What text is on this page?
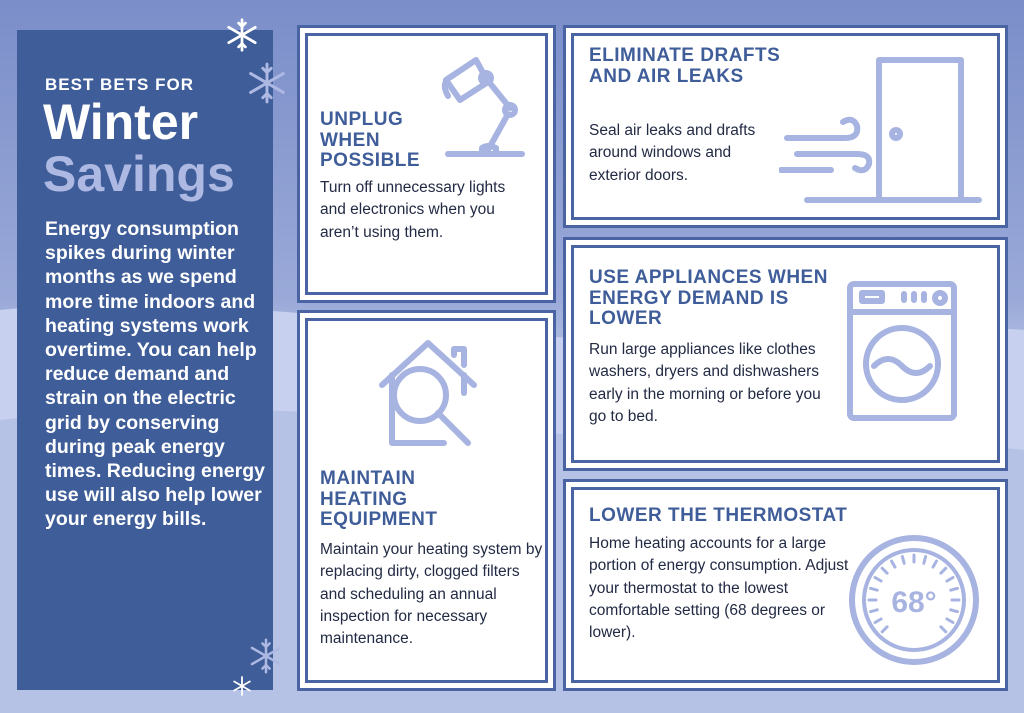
BEST BETS FOR
Winter
Savings
Energy consumption spikes during winter months as we spend more time indoors and heating systems work overtime. You can help reduce demand and strain on the electric grid by conserving during peak energy times. Reducing energy use will also help lower your energy bills.
UNPLUG WHEN POSSIBLE

Turn off unnecessary lights and electronics when you aren’t using them.

ELIMINATE DRAFTS AND AIR LEAKS

Seal air leaks and drafts around windows and exterior doors.

USE APPLIANCES WHEN ENERGY DEMAND IS LOWER

Run large appliances like clothes washers, dryers and dishwashers early in the morning or before you go to bed.

MAINTAIN HEATING EQUIPMENT

Maintain your heating system by replacing dirty, clogged filters and scheduling an annual inspection for necessary maintenance.

LOWER THE THERMOSTAT

Home heating accounts for a large portion of energy consumption. Adjust your thermostat to the lowest comfortable setting (68 degrees or lower).

68°
